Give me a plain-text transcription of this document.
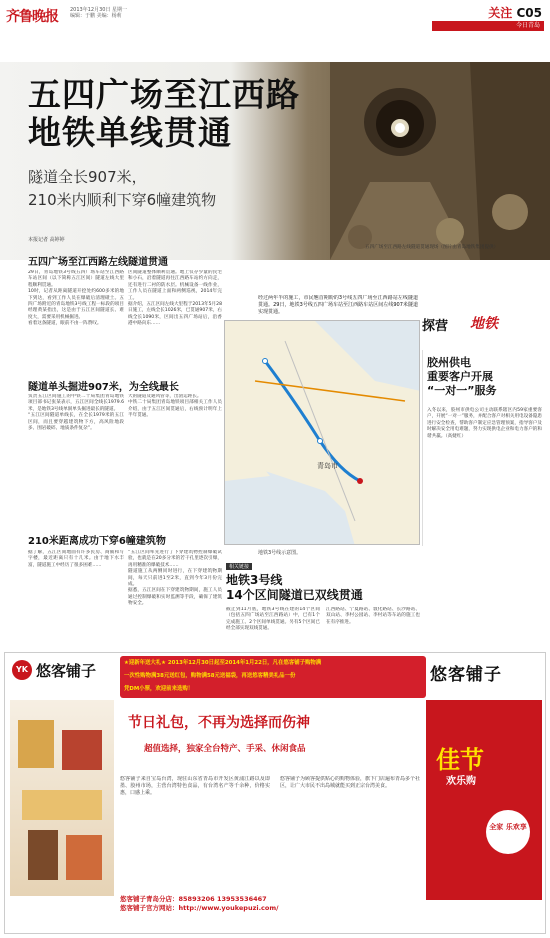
齐鲁晚报 2013年12月30日 星期一
编辑：于鹏 美编：杨莉	关注 C05
今日青岛
五四广场至江西路
地铁单线贯通
隧道全长907米，
210米内顺利下穿6幢建筑物
本报记者 高婷婷
五四广场至江西路左线隧道贯通现场（图片由青岛地铁集团提供）
五四广场至江西路左线隧道贯通

29日，青岛地铁3号线五四广场车站至江西路车站区间（以下简称五江区间）隧道左线大里程顺利贯通。

10时，记者从距离隧道开挖处约600多米的地下到达，看到工作人员在爆破后清理碴土。五四广场附近的青岛地铁3号线工程一标段的项目经理黄某指出，这是由于五江区间隧道长、难度大，需要采用机械掘进。

看着这条隧道，眼前不由一阵赞叹。

区间隧道整体顺利贯通。地上仅存少量的民宅和小石，沿着隧道再往江西路车站约方向走，还有进行二衬的防水层。机械设备一线作业，工作人员在隧道上面和两侧巡视，2014年完工。

据介绍，五江区间左线大里程于2013年5月28日施工，左线全长1026米，已贯通907米，右线全长1090米，区间出五四广场站后，沿香港中路向东……

经过两年半的施工，市民翘首期盼的3号线五四广场至江西路站左线隧道贯通。29日，地铁3号线五四广场车站至江西路车站区间左线907米隧道实现贯通。
隧道单头掘进907米，为全线最长

负责五江区间施工的中铁二十局集团青岛地铁项目部书记张某表示，五江区间全线长1979.6米，是地铁3号线单洞单头掘进最长的隧道。

“五江区间隧道单线长，在全长1979米的五江区间，而且要穿越建筑物下方，高风险地段多、围岩破碎、地质条件复杂”。

大的隧道及通风管等，出渣运距长。

中铁二十局集团青岛地铁项目部相关工作人员介绍，由于五江区间贯通后，右线预计明年上半年贯通。

210米距离成功下穿6幢建筑物

据了解，五江区间地面有许多民房、商铺和写字楼，最近距离只有十几米。由于地下水丰富，隧道施工中经历了很多困难……

“五江区间率先进行了下穿建筑物控制爆破试验，也就是在20多分米的若干孔里逐次引爆，再用精准的爆破技术……

隧道施工从两侧同时进行，在下穿建筑物期间，每天只前进1至2米，直到今年3月份完成。

据悉，五江区间在下穿建筑物期间，施工人员通过控制爆破和实时监测等手段，确保了建筑物安全。

青岛市
地铁3号线示意图。
探营 地铁
胶州供电
重要客户开展
“一对一”服务
入冬以来，胶州市供电公司主动联系辖区内59家重要客户，开展“一对一”服务，并配合客户对相关用电设备隐患进行安全检查，帮助客户制定应急管理预案，指导客户及时解决安全用电难题，努力实现供电企业和电力客户的和谐共赢。（高婕红）
相关链接
地铁3号线
14个区间隧道已双线贯通
截止到11月底，地铁3号线在建的14个区间（包括五四广场站至江西路站）中，已有1个完成施工、2个区间单线贯通。另有5个区间已经全部实现双线贯通。
江西路站、宁夏路站、敦化路站、长沙路站、双山站、李村公园站、李村站等车站的施工也在有序推进。
YK 悠客铺子	★迎新年送大礼★ 2013年12月30日起至2014年1月22日，凡在悠客铺子购物满
一次性购物满38元送红包，购物满58元送福袋，再送悠客精美礼品一份
凭DM小票，欢迎前来选购！
悠客铺子
节日礼包，不再为选择而伤神
超值选择，独家全台特产、手采、休闲食品
悠客铺子来自宝岛台湾，现驻山东省青岛市开发区黄浦江路以及即墨、胶州市场，主营台湾特色食品，有台湾名产等千余种，价格实惠，口感上乘。
悠客铺子为顾客提供贴心的购物体验，旗下门店遍布青岛多个社区，让广大市民不出岛城就能买到正宗台湾美食。
悠客铺子青岛分店：85893206 13953536467
悠客铺子官方网站：http://www.youkepuzi.com/
佳节
欢乐购
全家 乐欢享
